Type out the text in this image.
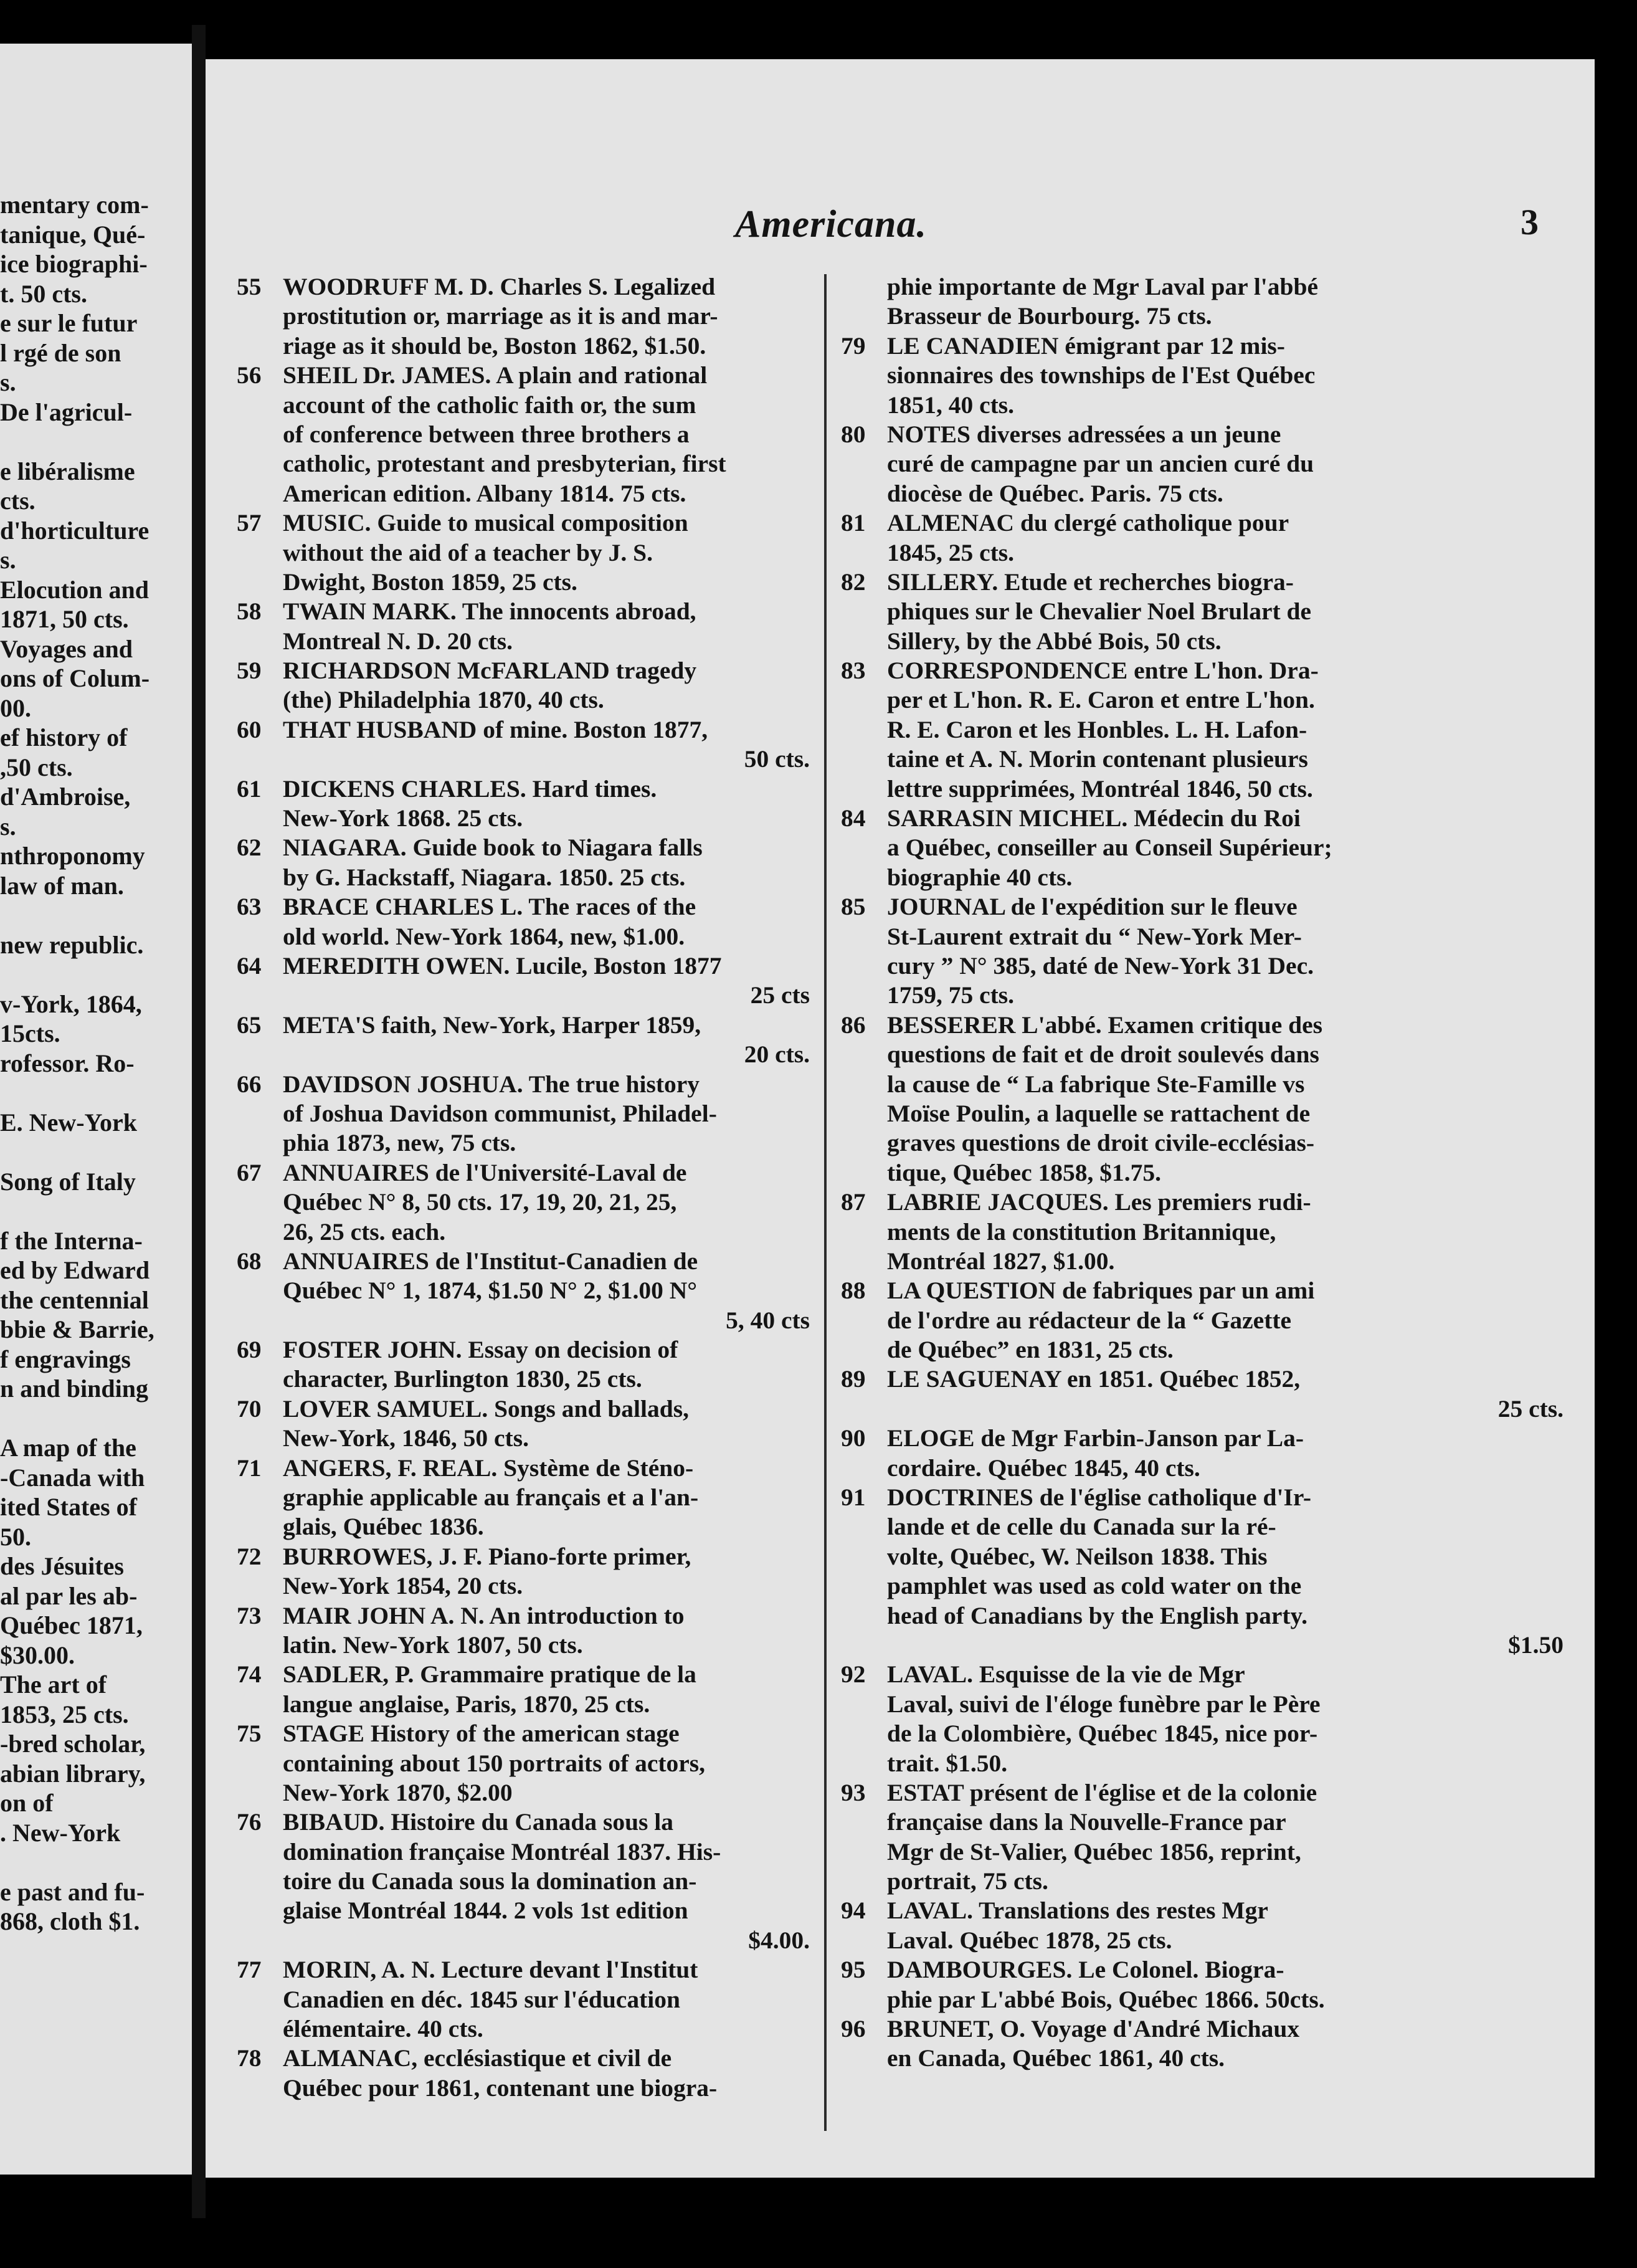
mentary com-
tanique, Qué-
ice biographi-
t. 50 cts.
e sur le futur
l rgé de son
s.
De l'agricul-
e libéralisme
cts.
d'horticulture
s.
Elocution and
1871, 50 cts.
Voyages and
ons of Colum-
00.
ef history of
,50 cts.
d'Ambroise,
s.
nthroponomy
law of man.
new republic.
v-York, 1864,
15cts.
rofessor. Ro-
E. New-York
Song of Italy
f the Interna-
ed by Edward
the centennial
bbie & Barrie,
f engravings
n and binding
A map of the
-Canada with
ited States of
50.
des Jésuites
al par les ab-
Québec 1871,
$30.00.
The art of
1853, 25 cts.
-bred scholar,
abian library,
on of
. New-York
e past and fu-
868, cloth $1.
Americana.	3
55 WOODRUFF M. D. Charles S. Legalized
prostitution or, marriage as it is and mar-
riage as it should be, Boston 1862, $1.50.
56 SHEIL Dr. JAMES. A plain and rational
account of the catholic faith or, the sum
of conference between three brothers a
catholic, protestant and presbyterian, first
American edition. Albany 1814. 75 cts.
57 MUSIC. Guide to musical composition
without the aid of a teacher by J. S.
Dwight, Boston 1859, 25 cts.
58 TWAIN MARK. The innocents abroad,
Montreal N. D. 20 cts.
59 RICHARDSON McFARLAND tragedy
(the) Philadelphia 1870, 40 cts.
60 THAT HUSBAND of mine. Boston 1877,
50 cts.
61 DICKENS CHARLES. Hard times.
New-York 1868. 25 cts.
62 NIAGARA. Guide book to Niagara falls
by G. Hackstaff, Niagara. 1850. 25 cts.
63 BRACE CHARLES L. The races of the
old world. New-York 1864, new, $1.00.
64 MEREDITH OWEN. Lucile, Boston 1877
25 cts
65 META'S faith, New-York, Harper 1859,
20 cts.
66 DAVIDSON JOSHUA. The true history
of Joshua Davidson communist, Philadel-
phia 1873, new, 75 cts.
67 ANNUAIRES de l'Université-Laval de
Québec N° 8, 50 cts. 17, 19, 20, 21, 25,
26, 25 cts. each.
68 ANNUAIRES de l'Institut-Canadien de
Québec N° 1, 1874, $1.50 N° 2, $1.00 N°
5, 40 cts
69 FOSTER JOHN. Essay on decision of
character, Burlington 1830, 25 cts.
70 LOVER SAMUEL. Songs and ballads,
New-York, 1846, 50 cts.
71 ANGERS, F. REAL. Système de Sténo-
graphie applicable au français et a l'an-
glais, Québec 1836.
72 BURROWES, J. F. Piano-forte primer,
New-York 1854, 20 cts.
73 MAIR JOHN A. N. An introduction to
latin. New-York 1807, 50 cts.
74 SADLER, P. Grammaire pratique de la
langue anglaise, Paris, 1870, 25 cts.
75 STAGE History of the american stage
containing about 150 portraits of actors,
New-York 1870, $2.00
76 BIBAUD. Histoire du Canada sous la
domination française Montréal 1837. His-
toire du Canada sous la domination an-
glaise Montréal 1844. 2 vols 1st edition
$4.00.
77 MORIN, A. N. Lecture devant l'Institut
Canadien en déc. 1845 sur l'éducation
élémentaire. 40 cts.
78 ALMANAC, ecclésiastique et civil de
Québec pour 1861, contenant une biogra-
phie importante de Mgr Laval par l'abbé
Brasseur de Bourbourg. 75 cts.
79 LE CANADIEN émigrant par 12 mis-
sionnaires des townships de l'Est Québec
1851, 40 cts.
80 NOTES diverses adressées a un jeune
curé de campagne par un ancien curé du
diocèse de Québec. Paris. 75 cts.
81 ALMENAC du clergé catholique pour
1845, 25 cts.
82 SILLERY. Etude et recherches biogra-
phiques sur le Chevalier Noel Brulart de
Sillery, by the Abbé Bois, 50 cts.
83 CORRESPONDENCE entre L'hon. Dra-
per et L'hon. R. E. Caron et entre L'hon.
R. E. Caron et les Honbles. L. H. Lafon-
taine et A. N. Morin contenant plusieurs
lettre supprimées, Montréal 1846, 50 cts.
84 SARRASIN MICHEL. Médecin du Roi
a Québec, conseiller au Conseil Supérieur;
biographie 40 cts.
85 JOURNAL de l'expédition sur le fleuve
St-Laurent extrait du “ New-York Mer-
cury ” N° 385, daté de New-York 31 Dec.
1759, 75 cts.
86 BESSERER L'abbé. Examen critique des
questions de fait et de droit soulevés dans
la cause de “ La fabrique Ste-Famille vs
Moïse Poulin, a laquelle se rattachent de
graves questions de droit civile-ecclésias-
tique, Québec 1858, $1.75.
87 LABRIE JACQUES. Les premiers rudi-
ments de la constitution Britannique,
Montréal 1827, $1.00.
88 LA QUESTION de fabriques par un ami
de l'ordre au rédacteur de la “ Gazette
de Québec” en 1831, 25 cts.
89 LE SAGUENAY en 1851. Québec 1852,
25 cts.
90 ELOGE de Mgr Farbin-Janson par La-
cordaire. Québec 1845, 40 cts.
91 DOCTRINES de l'église catholique d'Ir-
lande et de celle du Canada sur la ré-
volte, Québec, W. Neilson 1838. This
pamphlet was used as cold water on the
head of Canadians by the English party.
$1.50
92 LAVAL. Esquisse de la vie de Mgr
Laval, suivi de l'éloge funèbre par le Père
de la Colombière, Québec 1845, nice por-
trait. $1.50.
93 ESTAT présent de l'église et de la colonie
française dans la Nouvelle-France par
Mgr de St-Valier, Québec 1856, reprint,
portrait, 75 cts.
94 LAVAL. Translations des restes Mgr
Laval. Québec 1878, 25 cts.
95 DAMBOURGES. Le Colonel. Biogra-
phie par L'abbé Bois, Québec 1866. 50cts.
96 BRUNET, O. Voyage d'André Michaux
en Canada, Québec 1861, 40 cts.
